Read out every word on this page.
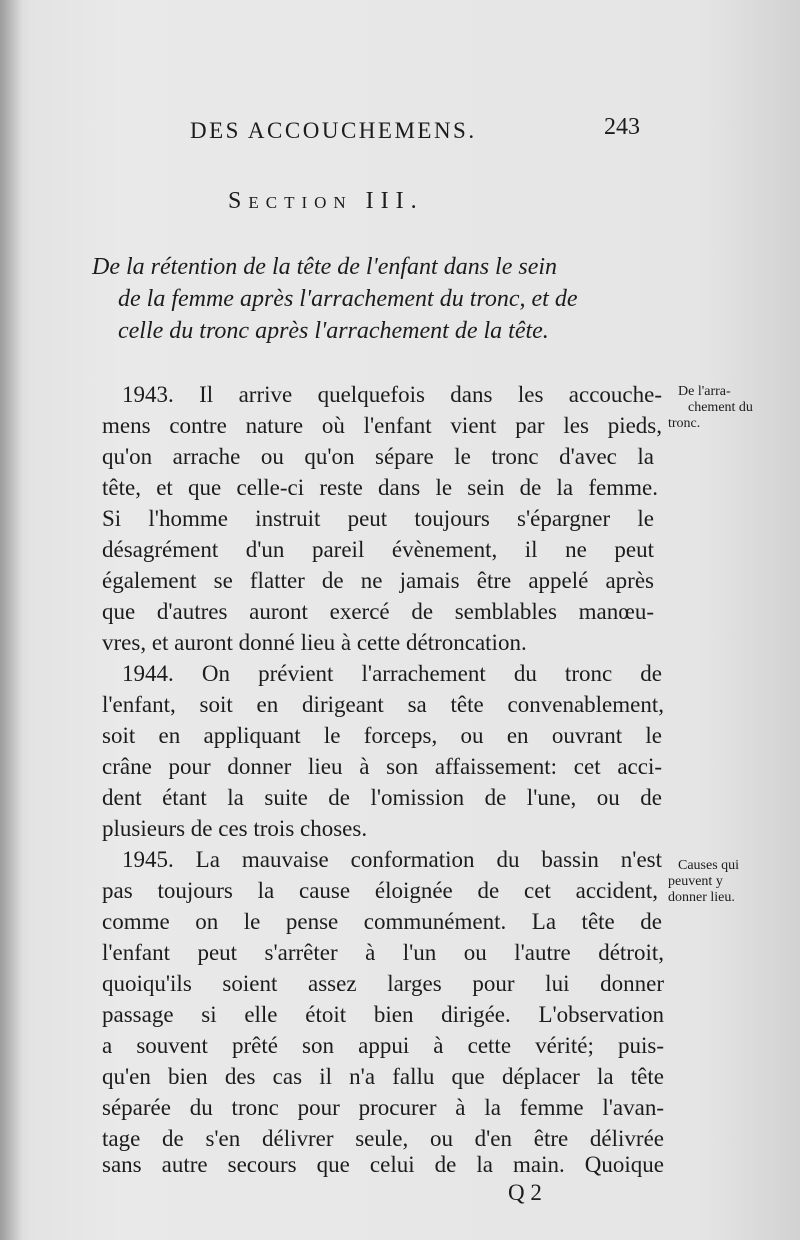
DES ACCOUCHEMENS.	243
Section III.
De la rétention de la tête de l'enfant dans le sein
de la femme après l'arrachement du tronc, et de
celle du tronc après l'arrachement de la tête.
1943. Il arrive quelquefois dans les accouche-
mens contre nature où l'enfant vient par les pieds,
qu'on arrache ou qu'on sépare le tronc d'avec la
tête, et que celle-ci reste dans le sein de la femme.
Si l'homme instruit peut toujours s'épargner le
désagrément d'un pareil évènement, il ne peut
également se flatter de ne jamais être appelé après
que d'autres auront exercé de semblables manœu-
vres, et auront donné lieu à cette détroncation.
1944. On prévient l'arrachement du tronc de
l'enfant, soit en dirigeant sa tête convenablement,
soit en appliquant le forceps, ou en ouvrant le
crâne pour donner lieu à son affaissement: cet acci-
dent étant la suite de l'omission de l'une, ou de
plusieurs de ces trois choses.
1945. La mauvaise conformation du bassin n'est
pas toujours la cause éloignée de cet accident,
comme on le pense communément. La tête de
l'enfant peut s'arrêter à l'un ou l'autre détroit,
quoiqu'ils soient assez larges pour lui donner
passage si elle étoit bien dirigée. L'observation
a souvent prêté son appui à cette vérité; puis-
qu'en bien des cas il n'a fallu que déplacer la tête
séparée du tronc pour procurer à la femme l'avan-
tage de s'en délivrer seule, ou d'en être délivrée
sans autre secours que celui de la main. Quoique
De l'arra-
chement du
tronc.
Causes qui
peuvent y
donner lieu.
Q 2
